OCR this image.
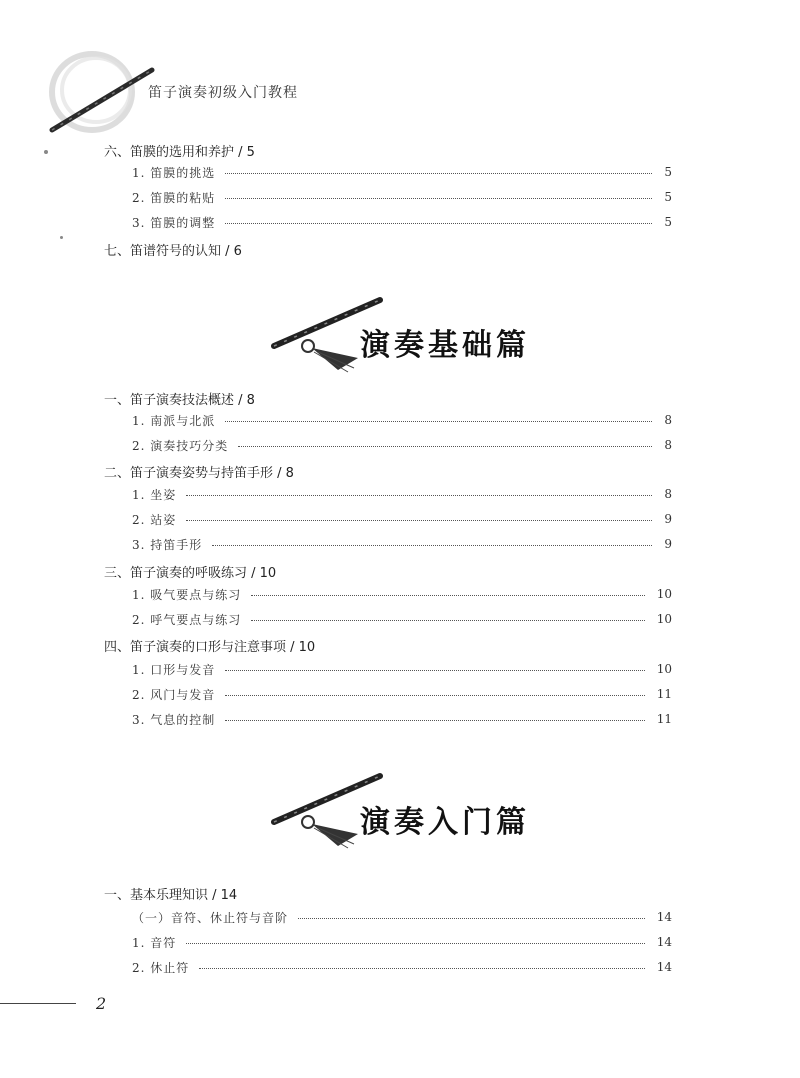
笛子演奏初级入门教程
六、笛膜的选用和养护 / 5
1. 笛膜的挑选	5
2. 笛膜的粘贴	5
3. 笛膜的调整	5
七、笛谱符号的认知 / 6
演奏基础篇
一、笛子演奏技法概述 / 8
1. 南派与北派	8
2. 演奏技巧分类	8
二、笛子演奏姿势与持笛手形 / 8
1. 坐姿	8
2. 站姿	9
3. 持笛手形	9
三、笛子演奏的呼吸练习 / 10
1. 吸气要点与练习	10
2. 呼气要点与练习	10
四、笛子演奏的口形与注意事项 / 10
1. 口形与发音	10
2. 风门与发音	11
3. 气息的控制	11
演奏入门篇
一、基本乐理知识 / 14
（一）音符、休止符与音阶	14
1. 音符	14
2. 休止符	14
2
